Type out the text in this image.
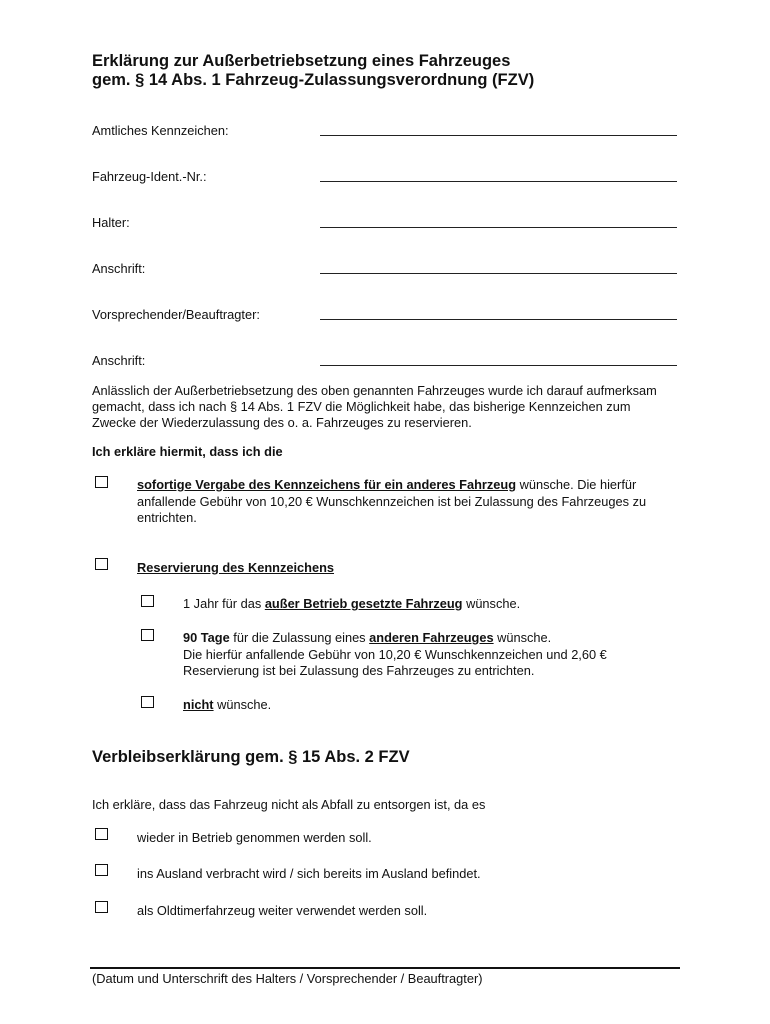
Erklärung zur Außerbetriebsetzung eines Fahrzeuges
gem. § 14 Abs. 1 Fahrzeug-Zulassungsverordnung (FZV)
Amtliches Kennzeichen:
Fahrzeug-Ident.-Nr.:
Halter:
Anschrift:
Vorsprechender/Beauftragter:
Anschrift:
Anlässlich der Außerbetriebsetzung des oben genannten Fahrzeuges wurde ich darauf aufmerksam gemacht, dass ich nach § 14 Abs. 1 FZV die Möglichkeit habe, das bisherige Kennzeichen zum Zwecke der Wiederzulassung des o. a. Fahrzeuges zu reservieren.
Ich erkläre hiermit, dass ich die
sofortige Vergabe des Kennzeichens für ein anderes Fahrzeug wünsche. Die hierfür anfallende Gebühr von 10,20 € Wunschkennzeichen ist bei Zulassung des Fahrzeuges zu entrichten.
Reservierung des Kennzeichens
1 Jahr für das außer Betrieb gesetzte Fahrzeug wünsche.
90 Tage für die Zulassung eines anderen Fahrzeuges wünsche.
Die hierfür anfallende Gebühr von 10,20 € Wunschkennzeichen und 2,60 € Reservierung ist bei Zulassung des Fahrzeuges zu entrichten.
nicht wünsche.
Verbleibserklärung gem. § 15 Abs. 2 FZV
Ich erkläre, dass das Fahrzeug nicht als Abfall zu entsorgen ist, da es
wieder in Betrieb genommen werden soll.
ins Ausland verbracht wird / sich bereits im Ausland befindet.
als Oldtimerfahrzeug weiter verwendet werden soll.
(Datum und Unterschrift des Halters / Vorsprechender / Beauftragter)
